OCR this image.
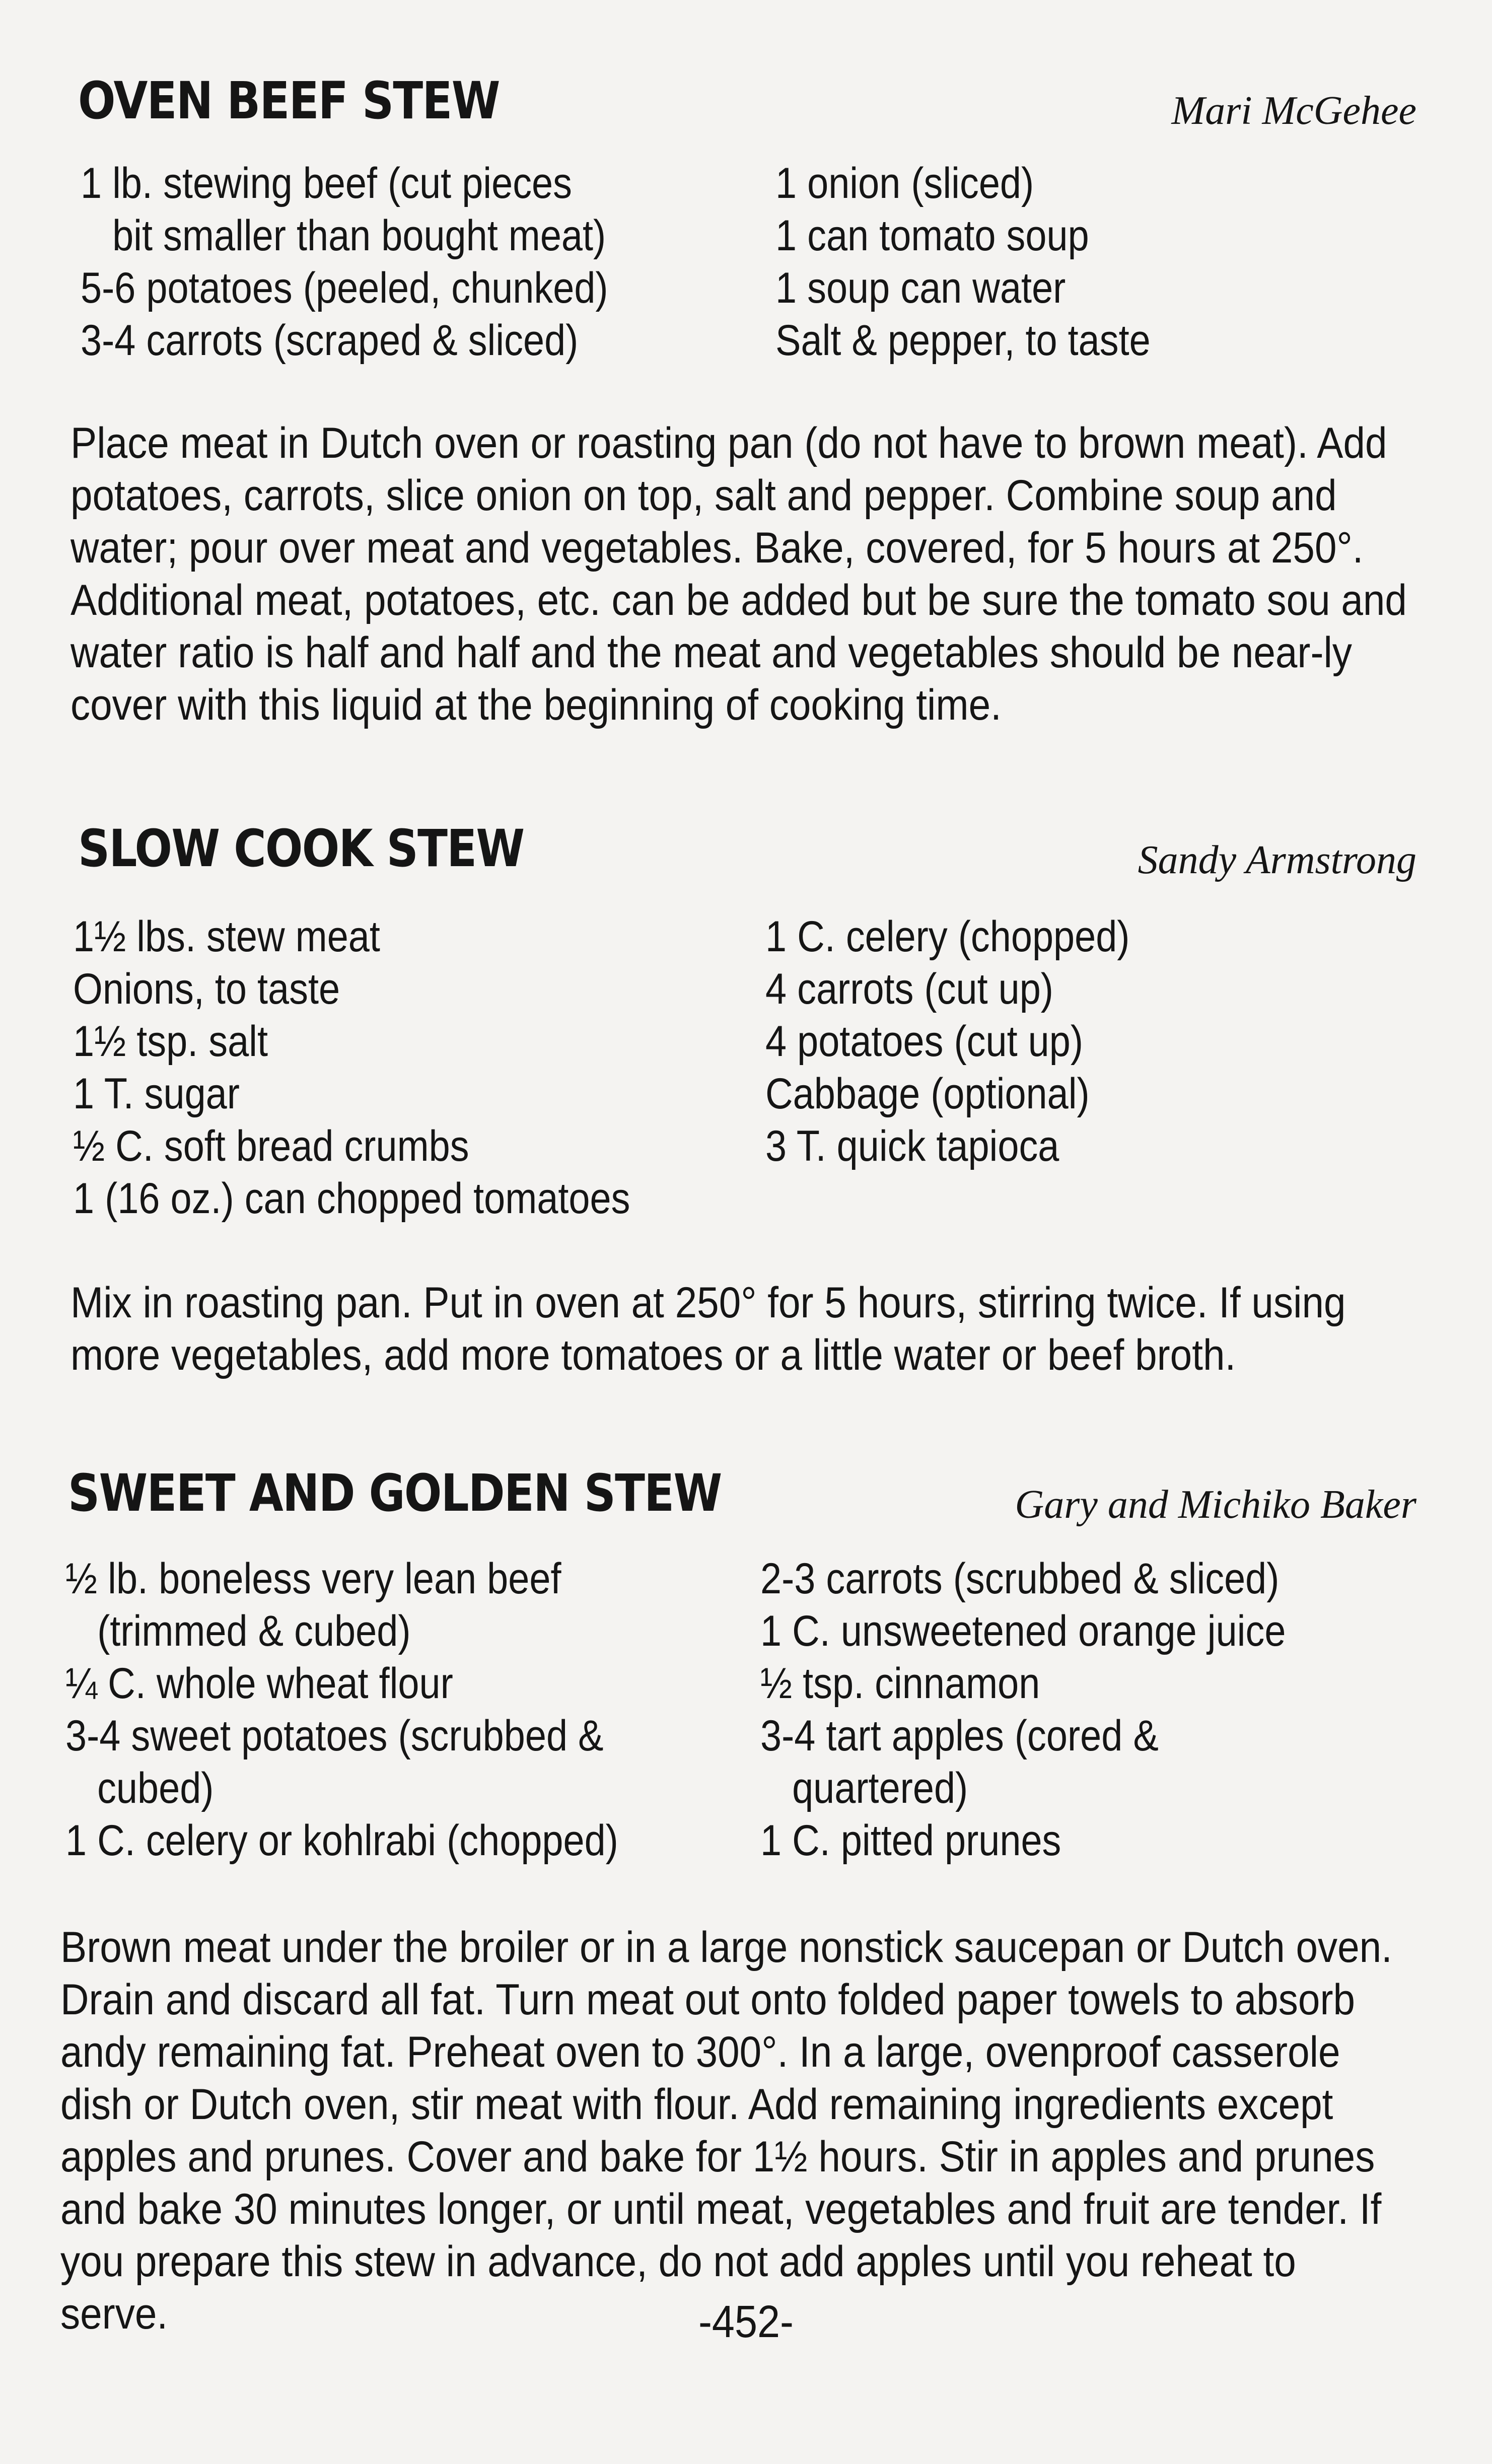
OVEN BEEF STEW	Mari McGehee
1 lb. stewing beef (cut pieces
bit smaller than bought meat)
5-6 potatoes (peeled, chunked)
3-4 carrots (scraped & sliced)
1 onion (sliced)
1 can tomato soup
1 soup can water
Salt & pepper, to taste

Place meat in Dutch oven or roasting pan (do not have to brown meat). Add potatoes, carrots, slice onion on top, salt and pepper. Combine soup and water; pour over meat and vegetables. Bake, covered, for 5 hours at 250°. Additional meat, potatoes, etc. can be added but be sure the tomato sou and water ratio is half and half and the meat and vegetables should be near-ly cover with this liquid at the beginning of cooking time.

SLOW COOK STEW	Sandy Armstrong
1½ lbs. stew meat
Onions, to taste
1½ tsp. salt
1 T. sugar
½ C. soft bread crumbs
1 (16 oz.) can chopped tomatoes
1 C. celery (chopped)
4 carrots (cut up)
4 potatoes (cut up)
Cabbage (optional)
3 T. quick tapioca

Mix in roasting pan. Put in oven at 250° for 5 hours, stirring twice. If using more vegetables, add more tomatoes or a little water or beef broth.

SWEET AND GOLDEN STEW	Gary and Michiko Baker
½ lb. boneless very lean beef
(trimmed & cubed)
¼ C. whole wheat flour
3-4 sweet potatoes (scrubbed &
cubed)
1 C. celery or kohlrabi (chopped)
2-3 carrots (scrubbed & sliced)
1 C. unsweetened orange juice
½ tsp. cinnamon
3-4 tart apples (cored &
quartered)
1 C. pitted prunes

Brown meat under the broiler or in a large nonstick saucepan or Dutch oven. Drain and discard all fat. Turn meat out onto folded paper towels to absorb andy remaining fat. Preheat oven to 300°. In a large, ovenproof casserole dish or Dutch oven, stir meat with flour. Add remaining ingredients except apples and prunes. Cover and bake for 1½ hours. Stir in apples and prunes and bake 30 minutes longer, or until meat, vegetables and fruit are tender. If you prepare this stew in advance, do not add apples until you reheat to serve.	-452-
